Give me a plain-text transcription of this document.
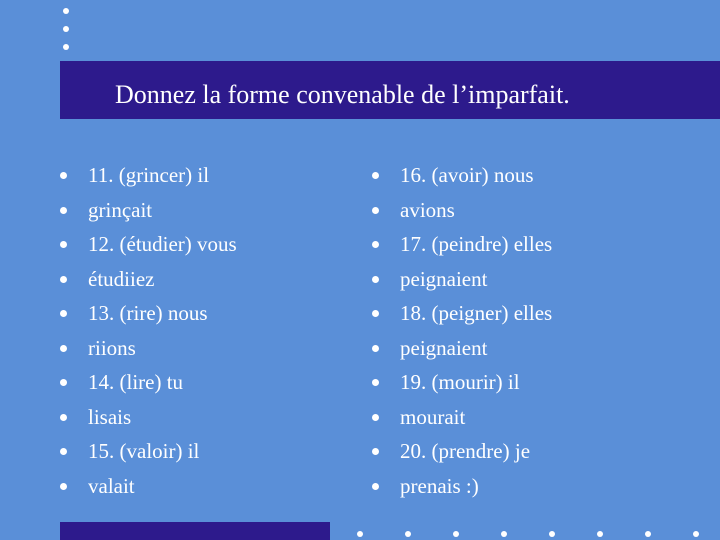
Donnez la forme convenable de l’imparfait.
11. (grincer) il
grinçait
12. (étudier) vous
étudiiez
13. (rire) nous
riions
14. (lire) tu
lisais
15. (valoir) il
valait
16. (avoir) nous
avions
17. (peindre) elles
peignaient
18. (peigner) elles
peignaient
19. (mourir) il
mourait
20. (prendre) je
prenais :)
